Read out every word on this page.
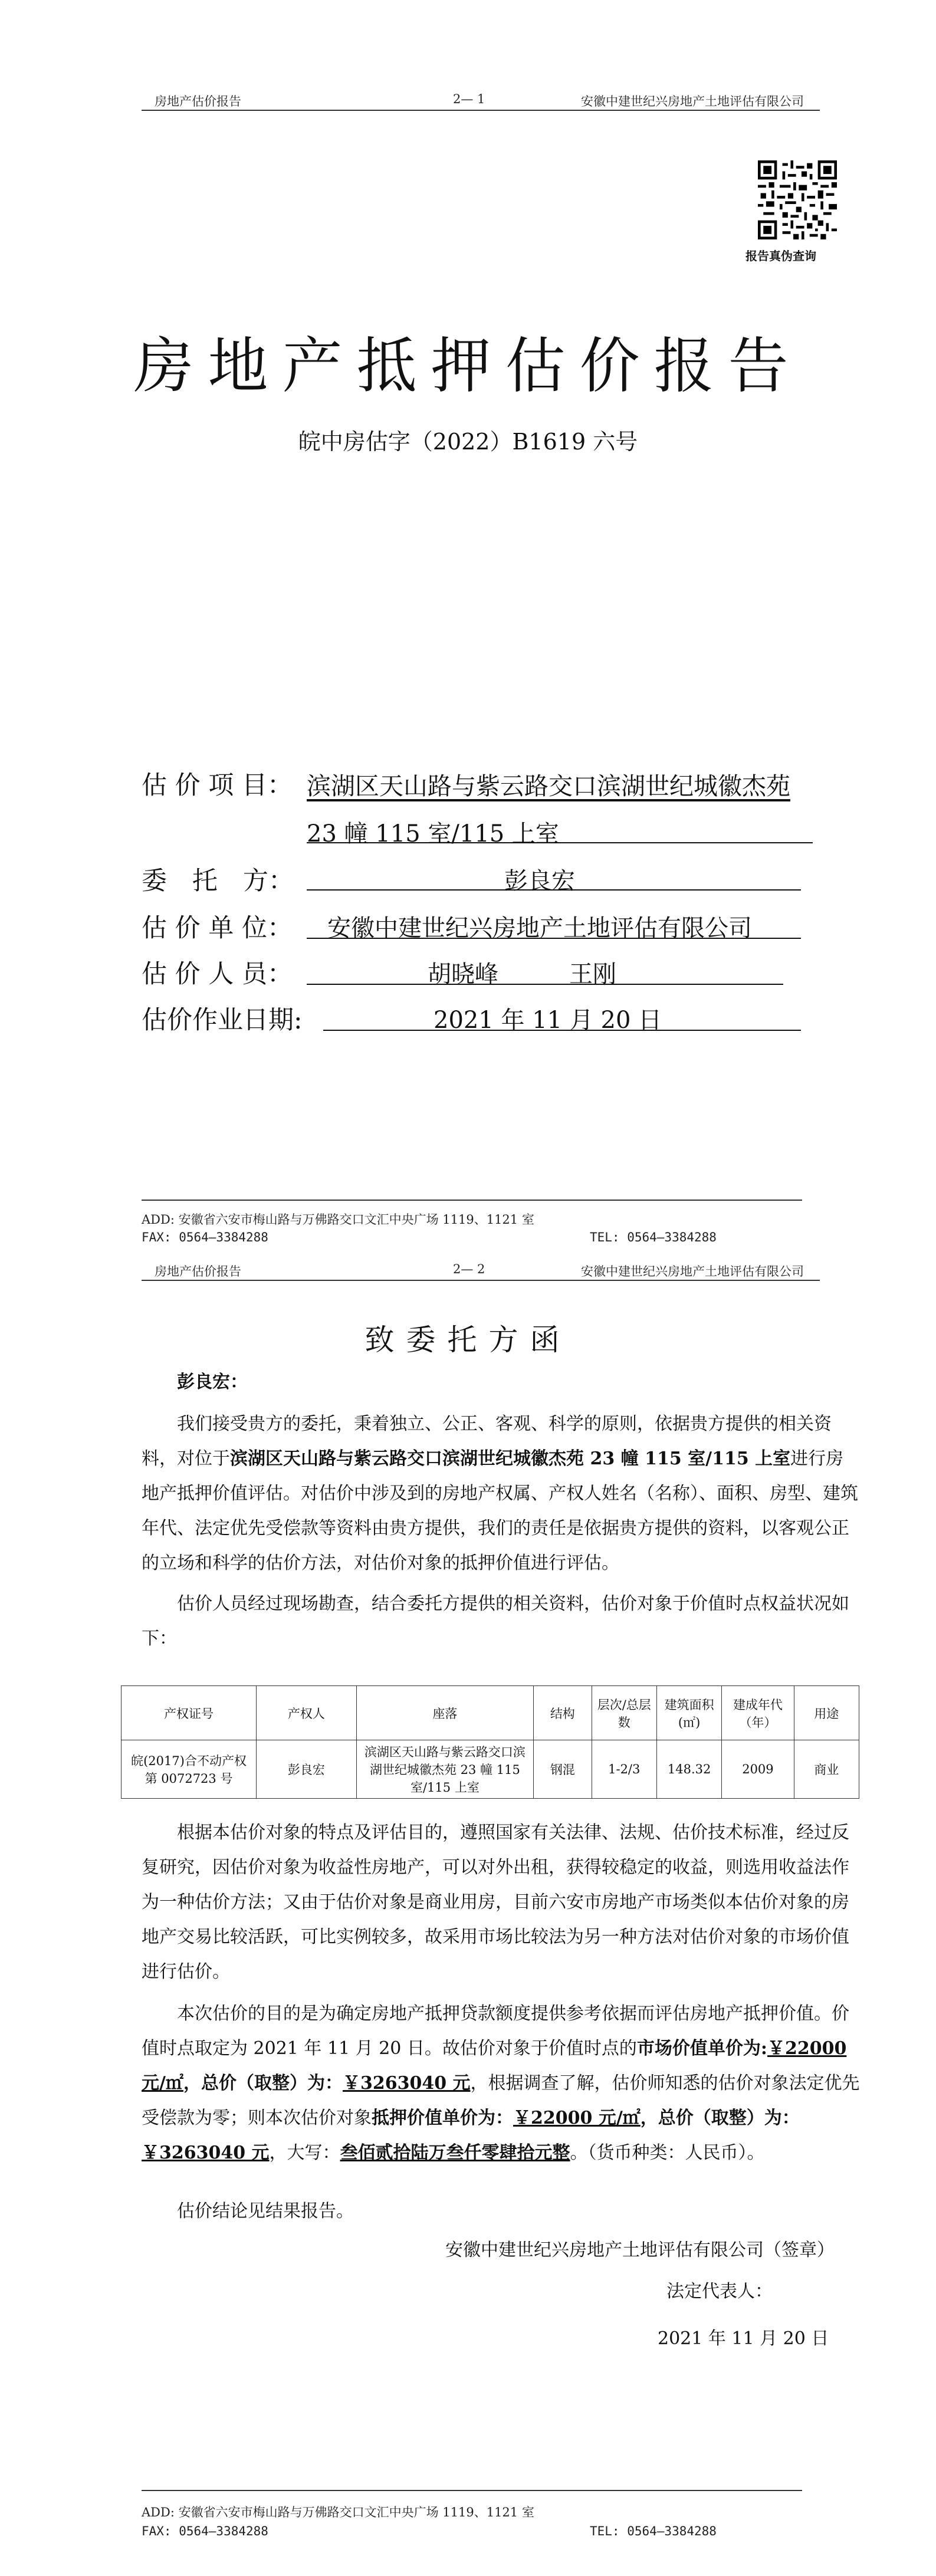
房地产估价报告	2— 1	安徽中建世纪兴房地产土地评估有限公司
报告真伪查询
房地产抵押估价报告
皖中房估字（2022）B1619 六号
估 价 项 目： 滨湖区天山路与紫云路交口滨湖世纪城徽杰苑
23 幢 115 室/115 上室
委　托　方：	彭良宏
估 价 单 位： 安徽中建世纪兴房地产土地评估有限公司
估 价 人 员：	胡晓峰　　　王刚
估价作业日期:	2021 年 11 月 20 日
ADD: 安徽省六安市梅山路与万佛路交口文汇中央广场 1119、1121 室
FAX: 0564—3384288	TEL: 0564—3384288
房地产估价报告	2— 2	安徽中建世纪兴房地产土地评估有限公司
致委托方函
彭良宏：

我们接受贵方的委托，秉着独立、公正、客观、科学的原则，依据贵方提供的相关资料，对位于滨湖区天山路与紫云路交口滨湖世纪城徽杰苑 23 幢 115 室/115 上室进行房地产抵押价值评估。对估价中涉及到的房地产权属、产权人姓名（名称）、面积、房型、建筑年代、法定优先受偿款等资料由贵方提供，我们的责任是依据贵方提供的资料，以客观公正的立场和科学的估价方法，对估价对象的抵押价值进行评估。

估价人员经过现场勘查，结合委托方提供的相关资料，估价对象于价值时点权益状况如下：

产权证号	产权人	座落	结构	层次/总层数	建筑面积(㎡)	建成年代（年）	用途
皖(2017)合不动产权第 0072723 号	彭良宏	滨湖区天山路与紫云路交口滨湖世纪城徽杰苑 23 幢 115 室/115 上室	钢混	1-2/3	148.32	2009	商业

根据本估价对象的特点及评估目的，遵照国家有关法律、法规、估价技术标准，经过反复研究，因估价对象为收益性房地产，可以对外出租，获得较稳定的收益，则选用收益法作为一种估价方法；又由于估价对象是商业用房，目前六安市房地产市场类似本估价对象的房地产交易比较活跃，可比实例较多，故采用市场比较法为另一种方法对估价对象的市场价值进行估价。

本次估价的目的是为确定房地产抵押贷款额度提供参考依据而评估房地产抵押价值。价值时点取定为 2021 年 11 月 20 日。故估价对象于价值时点的市场价值单价为:￥22000 元/㎡，总价（取整）为：￥3263040 元，根据调查了解，估价师知悉的估价对象法定优先受偿款为零；则本次估价对象抵押价值单价为：￥22000 元/㎡，总价（取整）为：￥3263040 元，大写：叁佰贰拾陆万叁仟零肆拾元整。（货币种类：人民币）。

估价结论见结果报告。

安徽中建世纪兴房地产土地评估有限公司（签章）
法定代表人：
2021 年 11 月 20 日
ADD: 安徽省六安市梅山路与万佛路交口文汇中央广场 1119、1121 室
FAX: 0564—3384288	TEL: 0564—3384288
